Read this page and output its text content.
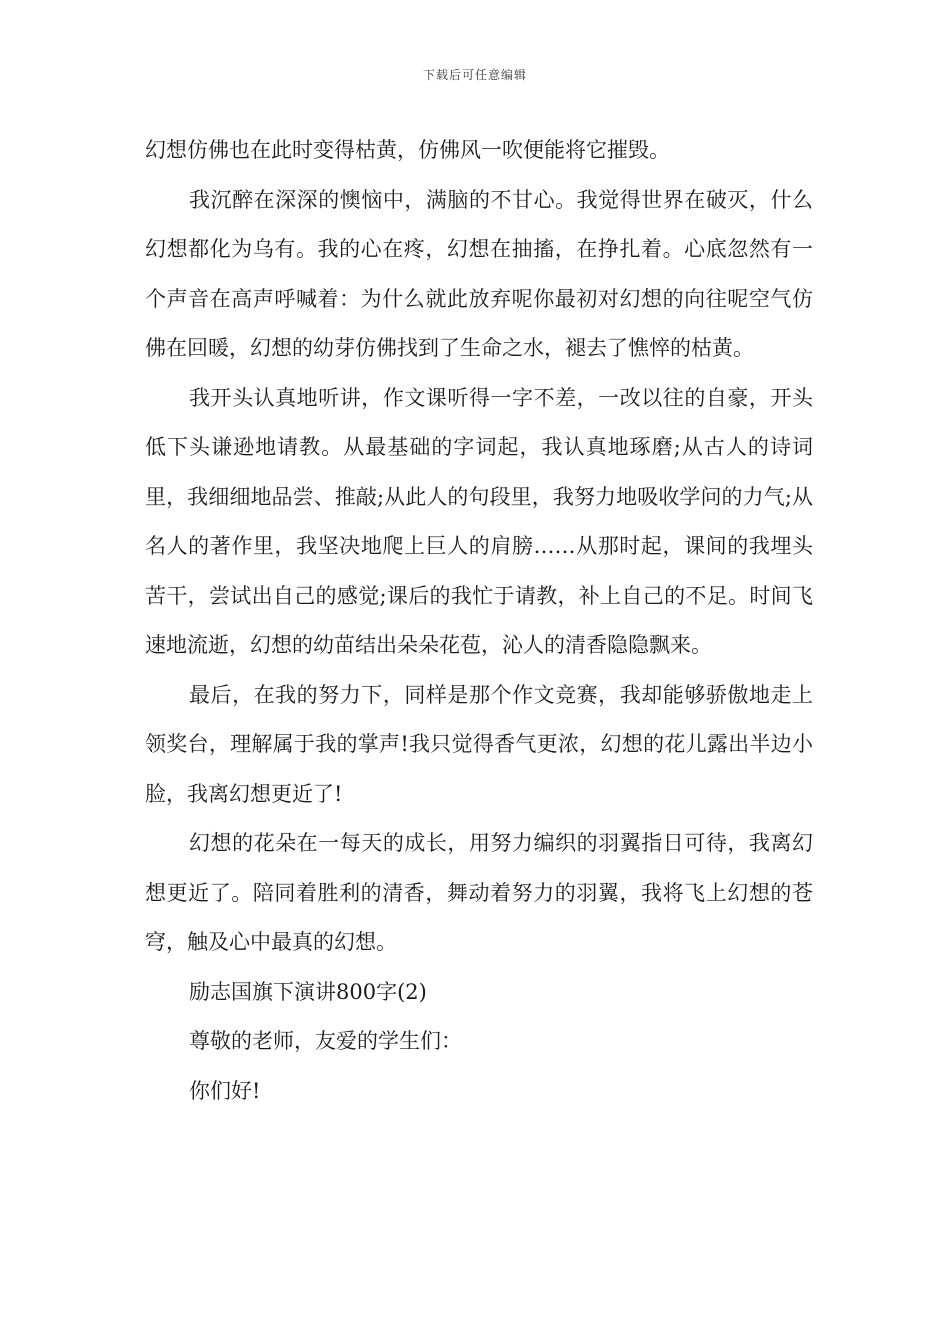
下载后可任意编辑

幻想仿佛也在此时变得枯黄，仿佛风一吹便能将它摧毁。

我沉醉在深深的懊恼中，满脑的不甘心。我觉得世界在破灭，什么幻想都化为乌有。我的心在疼，幻想在抽搐，在挣扎着。心底忽然有一个声音在高声呼喊着：为什么就此放弃呢你最初对幻想的向往呢空气仿佛在回暖，幻想的幼芽仿佛找到了生命之水，褪去了憔悴的枯黄。

我开头认真地听讲，作文课听得一字不差，一改以往的自豪，开头低下头谦逊地请教。从最基础的字词起，我认真地琢磨;从古人的诗词里，我细细地品尝、推敲;从此人的句段里，我努力地吸收学问的力气;从名人的著作里，我坚决地爬上巨人的肩膀……从那时起，课间的我埋头苦干，尝试出自己的感觉;课后的我忙于请教，补上自己的不足。时间飞速地流逝，幻想的幼苗结出朵朵花苞，沁人的清香隐隐飘来。

最后，在我的努力下，同样是那个作文竞赛，我却能够骄傲地走上领奖台，理解属于我的掌声!我只觉得香气更浓，幻想的花儿露出半边小脸，我离幻想更近了!

幻想的花朵在一每天的成长，用努力编织的羽翼指日可待，我离幻想更近了。陪同着胜利的清香，舞动着努力的羽翼，我将飞上幻想的苍穹，触及心中最真的幻想。

励志国旗下演讲800字(2)

尊敬的老师，友爱的学生们：

你们好!
